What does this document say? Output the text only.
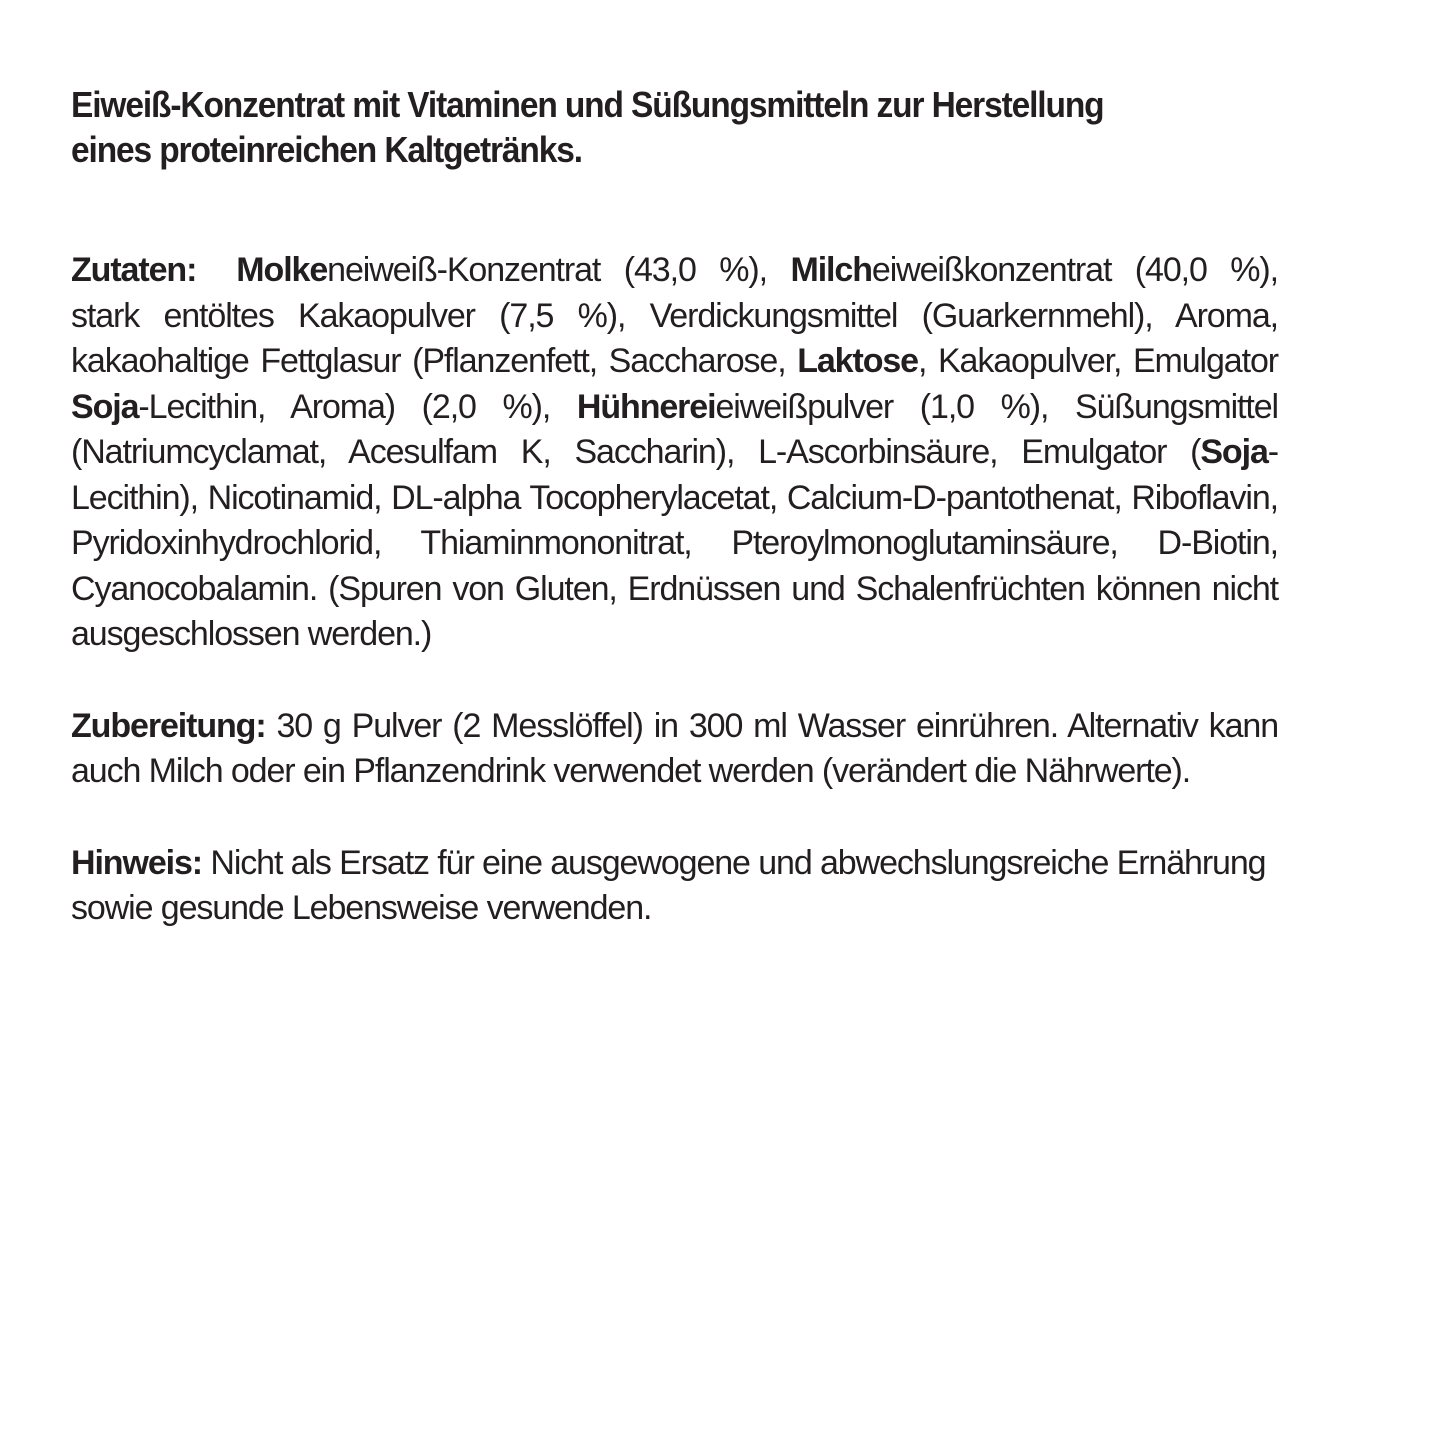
Eiweiß-Konzentrat mit Vitaminen und Süßungsmitteln zur Herstellung
eines proteinreichen Kaltgetränks.

Zutaten: Molkeneiweiß-Konzentrat (43,0 %), Milcheiweißkonzentrat (40,0 %), stark entöltes Kakaopulver (7,5 %), Verdickungsmittel (Guarkernmehl), Aroma, kakaohaltige Fettglasur (Pflanzenfett, Saccharose, Laktose, Kakaopulver, Emulgator Soja-Lecithin, Aroma) (2,0 %), Hühnereieiweißpulver (1,0 %), Süßungsmittel (Natriumcyclamat, Acesulfam K, Saccharin), L-Ascorbinsäure, Emulgator (Soja-Lecithin), Nicotinamid, DL-alpha Tocopherylacetat, Calcium-D-pantothenat, Riboflavin, Pyridoxinhydrochlorid, Thiaminmononitrat, Pteroylmonoglutaminsäure, D-Biotin, Cyanocobalamin. (Spuren von Gluten, Erdnüssen und Schalenfrüchten können nicht ausgeschlossen werden.)

Zubereitung: 30 g Pulver (2 Messlöffel) in 300 ml Wasser einrühren. Alternativ kann auch Milch oder ein Pflanzendrink verwendet werden (verändert die Nährwerte).

Hinweis: Nicht als Ersatz für eine ausgewogene und abwechslungsreiche Ernährung sowie gesunde Lebensweise verwenden.
